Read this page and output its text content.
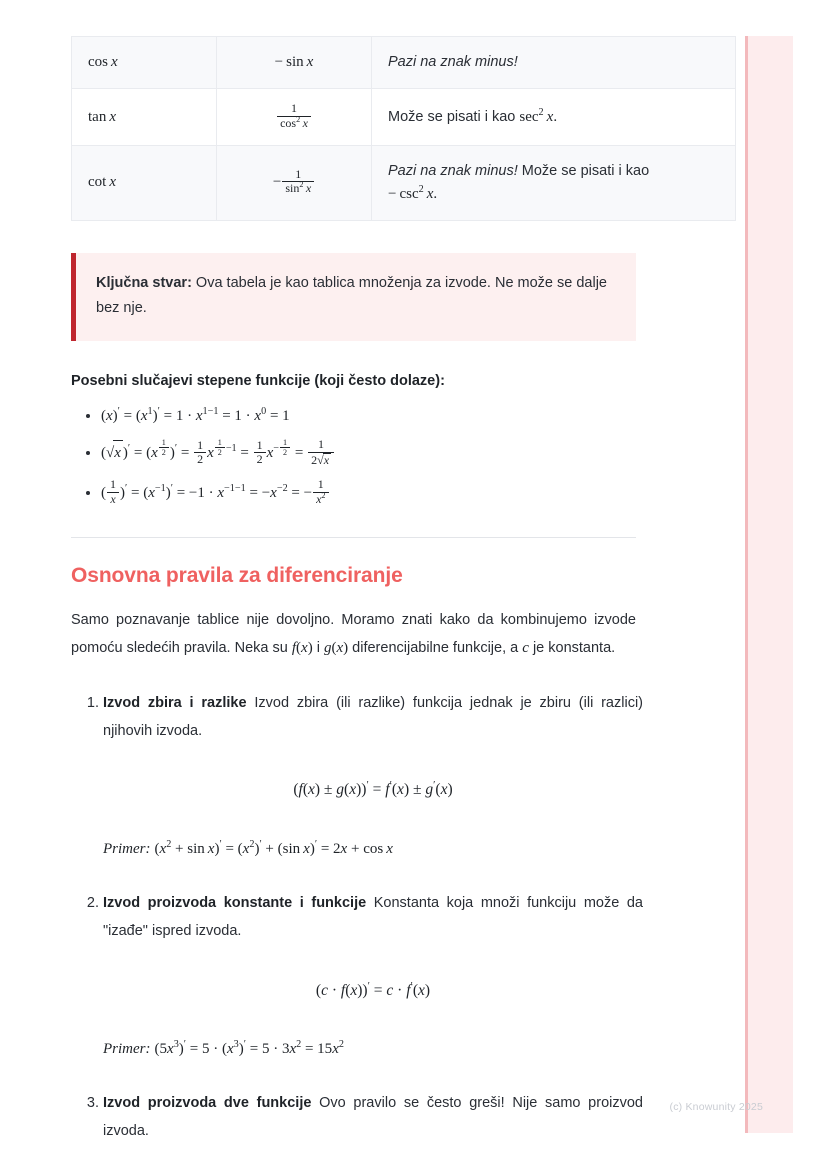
cos  x	− sin  x	Pazi na znak minus!
tan  x	$\frac{1}{\cos^2 x}$	Može se pisati i kao $\sec^2 x$.
cot  x	− $\frac{1}{\sin^2 x}$	Pazi na znak minus! Može se pisati i kao
− $\csc^2 x$.
Ključna stvar: Ova tabela je kao tablica množenja za izvode. Ne može se dalje bez nje.
Posebni slučajevi stepene funkcije (koji često dolaze):
• $(x)' = (x^1)' = 1 \cdot x^{1-1} = 1 \cdot x^0 = 1$
• (√x )′ = (x $^{\frac{1}{2}}$ )$' = \frac{1}{2}$ x $^{\frac{1}{2} -1} = \frac{1}{2} x^{- \frac{1}{2}} = \frac{1}{2√x}$
• ( $\frac{1}{x} )' = (x^{-1})' = -1 \cdot x^{-1-1} = -x^{-2}$ = − $\frac{1}{x^2}$
Osnovna pravila za diferenciranje

Samo poznavanje tablice nije dovoljno. Moramo znati kako da kombinujemo izvode pomoću sledećih pravila. Neka su f(x) i g(x) diferencijabilne funkcije, a c je konstanta.

1. Izvod zbira i razlike Izvod zbira (ili razlike) funkcija jednak je zbiru (ili razlici) njihovih izvoda.
(f(x) ± g(x))′ = f′(x) ± g′(x)
Primer: $(x^2 + \sin x)' = (x^2)' + (\sin$  x)′ = 2x + cos  x
2. Izvod proizvoda konstante i funkcije Konstanta koja množi funkciju može da "izađe" ispred izvoda.
(c · f(x))′ = c · f′(x)
Primer: $(5x^3)' = 5 \cdot (x^3)' = 5 \cdot 3x^2 = 15x^2$
3. Izvod proizvoda dve funkcije Ovo pravilo se često greši! Nije samo proizvod izvoda.
(c) Knowunity 2025
